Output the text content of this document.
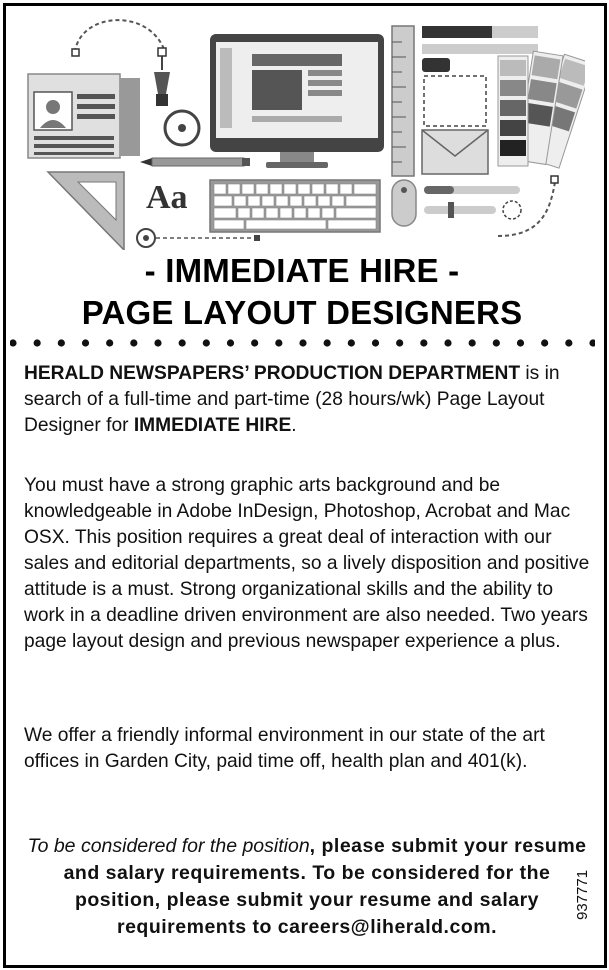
Aa
- IMMEDIATE HIRE -
PAGE LAYOUT DESIGNERS
HERALD NEWSPAPERS’ PRODUCTION DEPARTMENT is in search of a full-time and part-time (28 hours/wk) Page Layout Designer for IMMEDIATE HIRE.
You must have a strong graphic arts background and be knowledgeable in Adobe InDesign, Photoshop, Acrobat and Mac OSX. This position requires a great deal of interaction with our sales and editorial departments, so a lively disposition and positive attitude is a must. Strong organizational skills and the ability to work in a deadline driven environment are also needed. Two years page layout design and previous newspaper experience a plus.
We offer a friendly informal environment in our state of the art offices in Garden City, paid time off, health plan and 401(k).
To be considered for the position, please submit your resume and salary requirements. To be considered for the position, please submit your resume and salary requirements to careers@liherald.com.
937771
